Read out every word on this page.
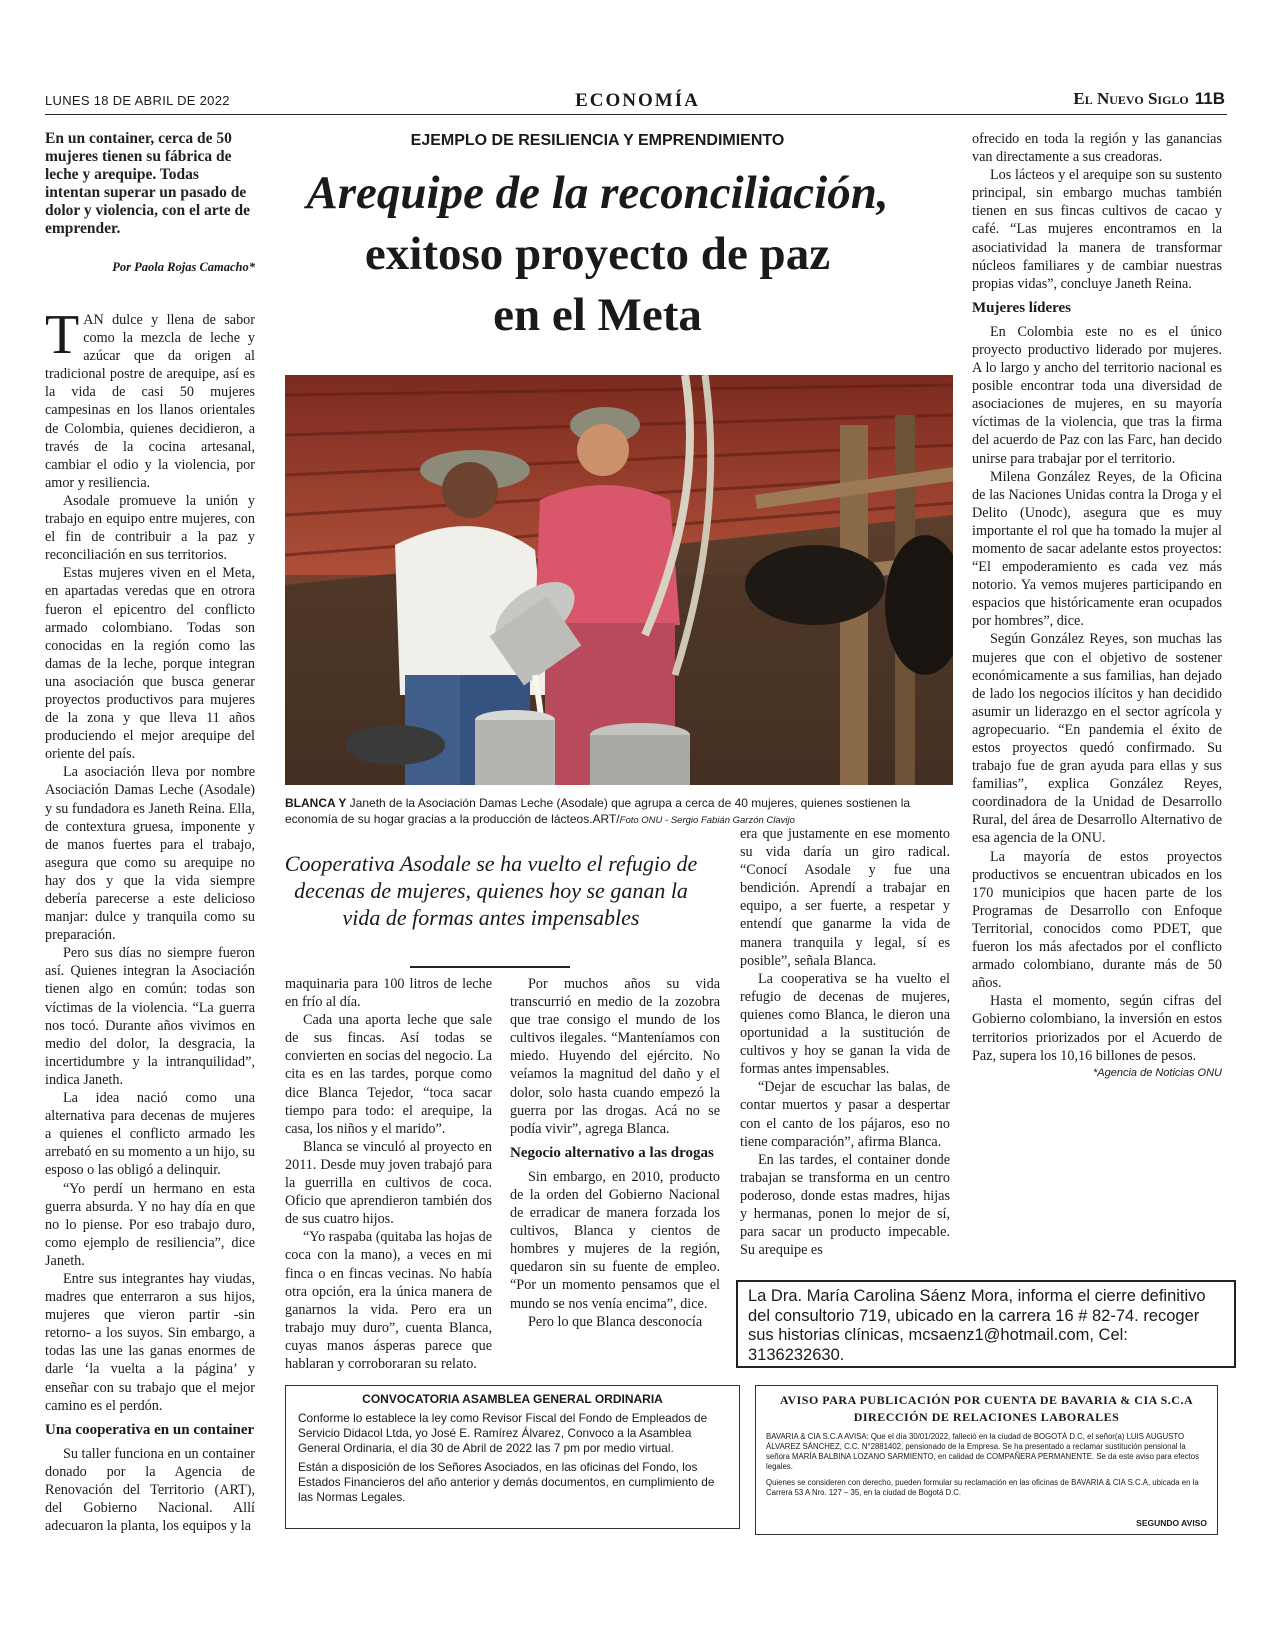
LUNES 18 DE ABRIL DE 2022	ECONOMÍA	El Nuevo Siglo 11B
En un container, cerca de 50 mujeres tienen su fábrica de leche y arequipe. Todas intentan superar un pasado de dolor y violencia, con el arte de emprender.
Por Paola Rojas Camacho*

TAN dulce y llena de sabor como la mezcla de leche y azúcar que da origen al tradicional postre de arequipe, así es la vida de casi 50 mujeres campesinas en los llanos orientales de Colombia, quienes decidieron, a través de la cocina artesanal, cambiar el odio y la violencia, por amor y resiliencia.

Asodale promueve la unión y trabajo en equipo entre mujeres, con el fin de contribuir a la paz y reconciliación en sus territorios.

Estas mujeres viven en el Meta, en apartadas veredas que en otrora fueron el epicentro del conflicto armado colombiano. Todas son conocidas en la región como las damas de la leche, porque integran una asociación que busca generar proyectos productivos para mujeres de la zona y que lleva 11 años produciendo el mejor arequipe del oriente del país.

La asociación lleva por nombre Asociación Damas Leche (Asodale) y su fundadora es Janeth Reina. Ella, de contextura gruesa, imponente y de manos fuertes para el trabajo, asegura que como su arequipe no hay dos y que la vida siempre debería parecerse a este delicioso manjar: dulce y tranquila como su preparación.

Pero sus días no siempre fueron así. Quienes integran la Asociación tienen algo en común: todas son víctimas de la violencia. “La guerra nos tocó. Durante años vivimos en medio del dolor, la desgracia, la incertidumbre y la intranquilidad”, indica Janeth.

La idea nació como una alternativa para decenas de mujeres a quienes el conflicto armado les arrebató en su momento a un hijo, su esposo o las obligó a delinquir.

“Yo perdí un hermano en esta guerra absurda. Y no hay día en que no lo piense. Por eso trabajo duro, como ejemplo de resiliencia”, dice Janeth.

Entre sus integrantes hay viudas, madres que enterraron a sus hijos, mujeres que vieron partir -sin retorno- a los suyos. Sin embargo, a todas las une las ganas enormes de darle ‘la vuelta a la página’ y enseñar con su trabajo que el mejor camino es el perdón.

Una cooperativa en un container

Su taller funciona en un container donado por la Agencia de Renovación del Territorio (ART), del Gobierno Nacional. Allí adecuaron la planta, los equipos y la

EJEMPLO DE RESILIENCIA Y EMPRENDIMIENTO
Arequipe de la reconciliación,
exitoso proyecto de paz
en el Meta
BLANCA Y Janeth de la Asociación Damas Leche (Asodale) que agrupa a cerca de 40 mujeres, quienes sostienen la economía de su hogar gracias a la producción de lácteos.ART/Foto ONU - Sergio Fabián Garzón Clavijo
Cooperativa Asodale se ha vuelto el refugio de decenas de mujeres, quienes hoy se ganan la vida de formas antes impensables

maquinaria para 100 litros de leche en frío al día.

Cada una aporta leche que sale de sus fincas. Así todas se convierten en socias del negocio. La cita es en las tardes, porque como dice Blanca Tejedor, “toca sacar tiempo para todo: el arequipe, la casa, los niños y el marido”.

Blanca se vinculó al proyecto en 2011. Desde muy joven trabajó para la guerrilla en cultivos de coca. Oficio que aprendieron también dos de sus cuatro hijos.

“Yo raspaba (quitaba las hojas de coca con la mano), a veces en mi finca o en fincas vecinas. No había otra opción, era la única manera de ganarnos la vida. Pero era un trabajo muy duro”, cuenta Blanca, cuyas manos ásperas parece que hablaran y corroboraran su relato.

Por muchos años su vida transcurrió en medio de la zozobra que trae consigo el mundo de los cultivos ilegales. “Manteníamos con miedo. Huyendo del ejército. No veíamos la magnitud del daño y el dolor, solo hasta cuando empezó la guerra por las drogas. Acá no se podía vivir”, agrega Blanca.

Negocio alternativo a las drogas

Sin embargo, en 2010, producto de la orden del Gobierno Nacional de erradicar de manera forzada los cultivos, Blanca y cientos de hombres y mujeres de la región, quedaron sin su fuente de empleo. “Por un momento pensamos que el mundo se nos venía encima”, dice.

Pero lo que Blanca desconocía

era que justamente en ese momento su vida daría un giro radical. “Conocí Asodale y fue una bendición. Aprendí a trabajar en equipo, a ser fuerte, a respetar y entendí que ganarme la vida de manera tranquila y legal, sí es posible”, señala Blanca.

La cooperativa se ha vuelto el refugio de decenas de mujeres, quienes como Blanca, le dieron una oportunidad a la sustitución de cultivos y hoy se ganan la vida de formas antes impensables.

“Dejar de escuchar las balas, de contar muertos y pasar a despertar con el canto de los pájaros, eso no tiene comparación”, afirma Blanca.

En las tardes, el container donde trabajan se transforma en un centro poderoso, donde estas madres, hijas y hermanas, ponen lo mejor de sí, para sacar un producto impecable. Su arequipe es

ofrecido en toda la región y las ganancias van directamente a sus creadoras.

Los lácteos y el arequipe son su sustento principal, sin embargo muchas también tienen en sus fincas cultivos de cacao y café. “Las mujeres encontramos en la asociatividad la manera de transformar núcleos familiares y de cambiar nuestras propias vidas”, concluye Janeth Reina.

Mujeres líderes

En Colombia este no es el único proyecto productivo liderado por mujeres. A lo largo y ancho del territorio nacional es posible encontrar toda una diversidad de asociaciones de mujeres, en su mayoría víctimas de la violencia, que tras la firma del acuerdo de Paz con las Farc, han decido unirse para trabajar por el territorio.

Milena González Reyes, de la Oficina de las Naciones Unidas contra la Droga y el Delito (Unodc), asegura que es muy importante el rol que ha tomado la mujer al momento de sacar adelante estos proyectos: “El empoderamiento es cada vez más notorio. Ya vemos mujeres participando en espacios que históricamente eran ocupados por hombres”, dice.

Según González Reyes, son muchas las mujeres que con el objetivo de sostener económicamente a sus familias, han dejado de lado los negocios ilícitos y han decidido asumir un liderazgo en el sector agrícola y agropecuario. “En pandemia el éxito de estos proyectos quedó confirmado. Su trabajo fue de gran ayuda para ellas y sus familias”, explica González Reyes, coordinadora de la Unidad de Desarrollo Rural, del área de Desarrollo Alternativo de esa agencia de la ONU.

La mayoría de estos proyectos productivos se encuentran ubicados en los 170 municipios que hacen parte de los Programas de Desarrollo con Enfoque Territorial, conocidos como PDET, que fueron los más afectados por el conflicto armado colombiano, durante más de 50 años.

Hasta el momento, según cifras del Gobierno colombiano, la inversión en estos territorios priorizados por el Acuerdo de Paz, supera los 10,16 billones de pesos.

*Agencia de Noticias ONU
La Dra. María Carolina Sáenz Mora, informa el cierre definitivo del consultorio 719, ubicado en la carrera 16 # 82-74. recoger sus historias clínicas, mcsaenz1@hotmail.com, Cel: 3136232630.
CONVOCATORIA ASAMBLEA GENERAL ORDINARIA

Conforme lo establece la ley como Revisor Fiscal del Fondo de Empleados de Servicio Didacol Ltda, yo José E. Ramírez Álvarez, Convoco a la Asamblea General Ordinaria, el día 30 de Abril de 2022 las 7 pm por medio virtual.

Están a disposición de los Señores Asociados, en las oficinas del Fondo, los Estados Financieros del año anterior y demás documentos, en cumplimiento de las Normas Legales.

AVISO PARA PUBLICACIÓN POR CUENTA DE BAVARIA & CIA S.C.A
DIRECCIÓN DE RELACIONES LABORALES
BAVARIA & CIA S.C.A AVISA: Que el día 30/01/2022, falleció en la ciudad de BOGOTÁ D.C, el señor(a) LUIS AUGUSTO ÁLVAREZ SÁNCHEZ, C.C. N°2881402, pensionado de la Empresa. Se ha presentado a reclamar sustitución pensional la señora MARÍA BALBINA LOZANO SARMIENTO, en calidad de COMPAÑERA PERMANENTE. Se da este aviso para efectos legales.
Quienes se consideren con derecho, pueden formular su reclamación en las oficinas de BAVARIA & CIA S.C.A, ubicada en la Carrera 53 A Nro. 127 – 35, en la ciudad de Bogotá D.C.
SEGUNDO AVISO
